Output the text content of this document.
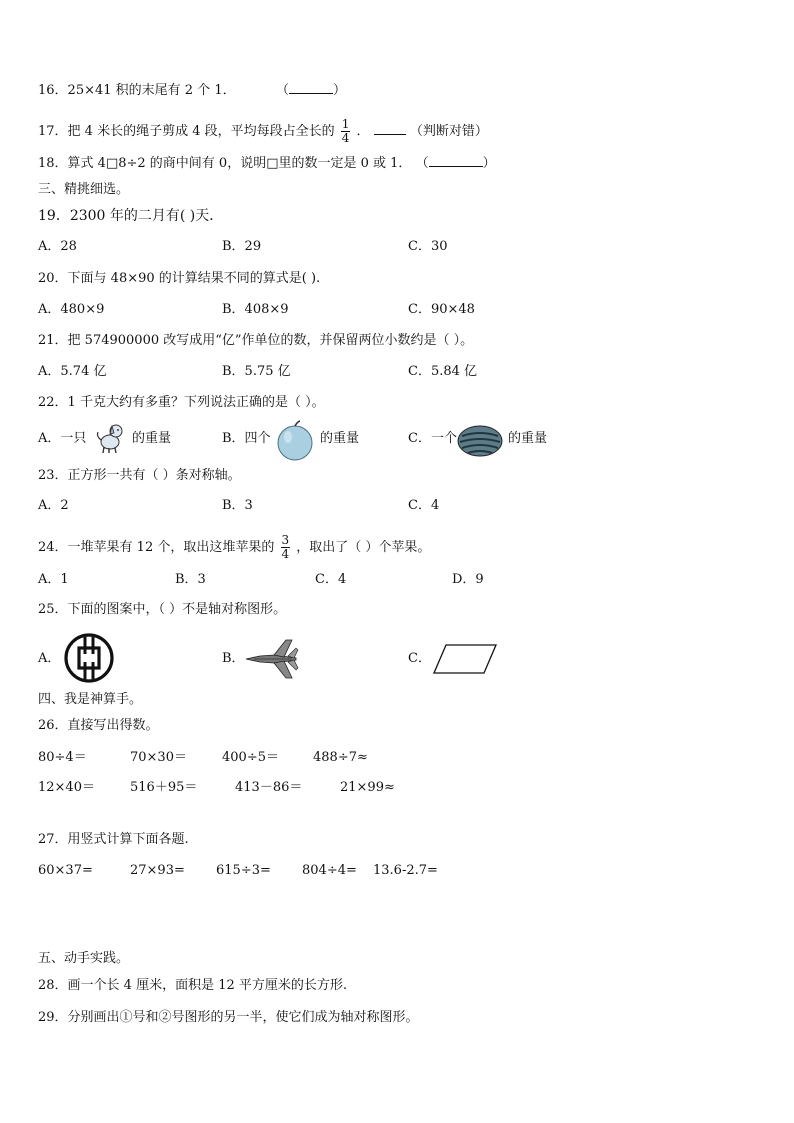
16．25×41 积的末尾有 2 个 1．	（	）
17．把 4 米长的绳子剪成 4 段，平均每段占全长的 $\frac{1}{4}$ ．	（判断对错）
18．算式 4□8÷2 的商中间有 0，说明□里的数一定是 0 或 1． （	）
三、精挑细选。
19．2300 年的二月有( )天．
A．28	B．29	C．30
20．下面与 48×90 的计算结果不同的算式是( ).
A．480×9	B．408×9	C．90×48
21．把 574900000 改写成用“亿”作单位的数，并保留两位小数约是（ ）。
A．5.74 亿	B．5.75 亿	C．5.84 亿
22．1 千克大约有多重？下列说法正确的是（ ）。
A．一只	的重量	B．四个	的重量	C．一个	的重量
23．正方形一共有（ ）条对称轴。
A．2	B．3	C．4
24．一堆苹果有 12 个，取出这堆苹果的 $\frac{3}{4}$ ，取出了（ ）个苹果。
A．1	B．3	C．4	D．9
25．下面的图案中，（ ）不是轴对称图形。
A．	B．	C．
四、我是神算手。
26．直接写出得数。
80÷4＝	70×30＝	400÷5＝	488÷7≈
12×40＝	516＋95＝	413－86＝	21×99≈
27．用竖式计算下面各题.
60×37=	27×93= 615÷3= 804÷4= 13.6-2.7=
五、动手实践。
28．画一个长 4 厘米，面积是 12 平方厘米的长方形.
29．分别画出①号和②号图形的另一半，使它们成为轴对称图形。
